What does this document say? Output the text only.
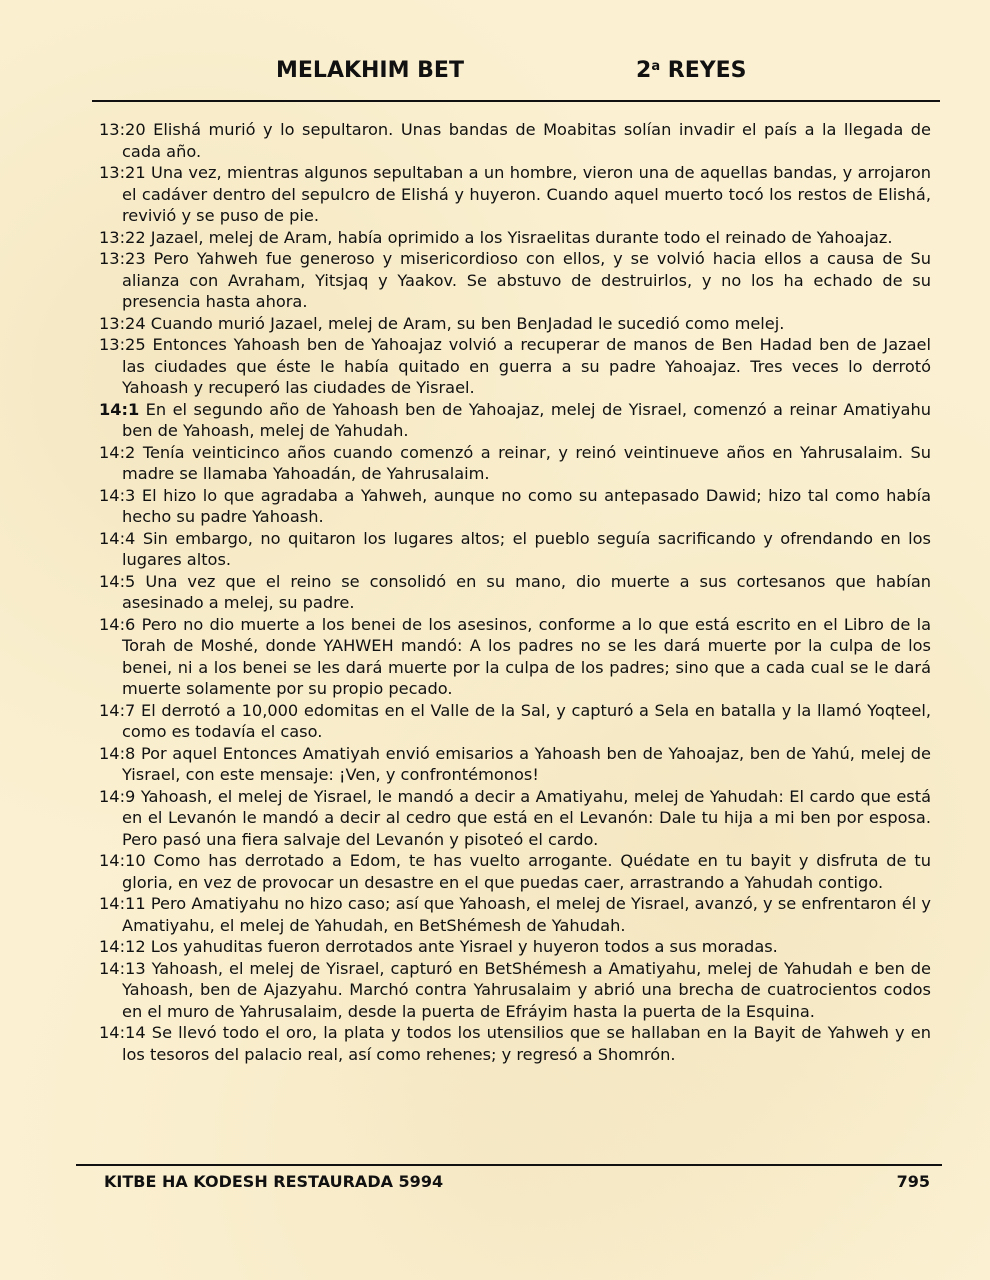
MELAKHIM BET	2$^a$ REYES

13:20 Elishá murió y lo sepultaron. Unas bandas de Moabitas solían invadir el país a la llegada de cada año.

13:21 Una vez, mientras algunos sepultaban a un hombre, vieron una de aquellas bandas, y arrojaron el cadáver dentro del sepulcro de Elishá y huyeron. Cuando aquel muerto tocó los restos de Elishá, revivió y se puso de pie.

13:22 Jazael, melej de Aram, había oprimido a los Yisraelitas durante todo el reinado de Yahoajaz.

13:23 Pero Yahweh fue generoso y misericordioso con ellos, y se volvió hacia ellos a causa de Su alianza con Avraham, Yitsjaq y Yaakov. Se abstuvo de destruirlos, y no los ha echado de su presencia hasta ahora.

13:24 Cuando murió Jazael, melej de Aram, su ben BenJadad le sucedió como melej.

13:25 Entonces Yahoash ben de Yahoajaz volvió a recuperar de manos de Ben Hadad ben de Jazael las ciudades que éste le había quitado en guerra a su padre Yahoajaz. Tres veces lo derrotó Yahoash y recuperó las ciudades de Yisrael.

14:1 En el segundo año de Yahoash ben de Yahoajaz, melej de Yisrael, comenzó a reinar Amatiyahu ben de Yahoash, melej de Yahudah.

14:2 Tenía veinticinco años cuando comenzó a reinar, y reinó veintinueve años en Yahrusalaim. Su madre se llamaba Yahoadán, de Yahrusalaim.

14:3 El hizo lo que agradaba a Yahweh, aunque no como su antepasado Dawid; hizo tal como había hecho su padre Yahoash.

14:4 Sin embargo, no quitaron los lugares altos; el pueblo seguía sacrificando y ofrendando en los lugares altos.

14:5 Una vez que el reino se consolidó en su mano, dio muerte a sus cortesanos que habían asesinado a melej, su padre.

14:6 Pero no dio muerte a los benei de los asesinos, conforme a lo que está escrito en el Libro de la Torah de Moshé, donde YAHWEH mandó: A los padres no se les dará muerte por la culpa de los benei, ni a los benei se les dará muerte por la culpa de los padres; sino que a cada cual se le dará muerte solamente por su propio pecado.

14:7 El derrotó a 10,000 edomitas en el Valle de la Sal, y capturó a Sela en batalla y la llamó Yoqteel, como es todavía el caso.

14:8 Por aquel Entonces Amatiyah envió emisarios a Yahoash ben de Yahoajaz, ben de Yahú, melej de Yisrael, con este mensaje: ¡Ven, y confrontémonos!

14:9 Yahoash, el melej de Yisrael, le mandó a decir a Amatiyahu, melej de Yahudah: El cardo que está en el Levanón le mandó a decir al cedro que está en el Levanón: Dale tu hija a mi ben por esposa. Pero pasó una fiera salvaje del Levanón y pisoteó el cardo.

14:10 Como has derrotado a Edom, te has vuelto arrogante. Quédate en tu bayit y disfruta de tu gloria, en vez de provocar un desastre en el que puedas caer, arrastrando a Yahudah contigo.

14:11 Pero Amatiyahu no hizo caso; así que Yahoash, el melej de Yisrael, avanzó, y se enfrentaron él y Amatiyahu, el melej de Yahudah, en BetShémesh de Yahudah.

14:12 Los yahuditas fueron derrotados ante Yisrael y huyeron todos a sus moradas.

14:13 Yahoash, el melej de Yisrael, capturó en BetShémesh a Amatiyahu, melej de Yahudah e ben de Yahoash, ben de Ajazyahu. Marchó contra Yahrusalaim y abrió una brecha de cuatrocientos codos en el muro de Yahrusalaim, desde la puerta de Efráyim hasta la puerta de la Esquina.

14:14 Se llevó todo el oro, la plata y todos los utensilios que se hallaban en la Bayit de Yahweh y en los tesoros del palacio real, así como rehenes; y regresó a Shomrón.

KITBE HA KODESH RESTAURADA 5994	795
